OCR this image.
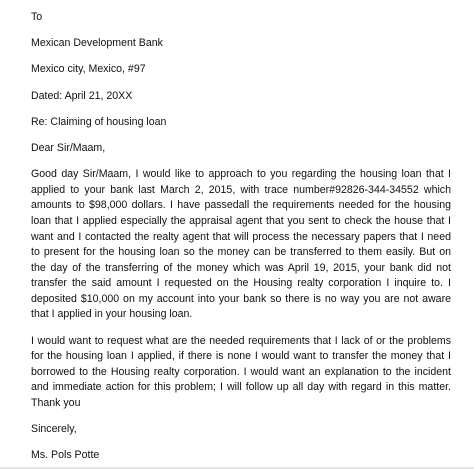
To

Mexican Development Bank

Mexico city, Mexico, #97

Dated: April 21, 20XX

Re: Claiming of housing loan

Dear Sir/Maam,

Good day Sir/Maam, I would like to approach to you regarding the housing loan that I applied to your bank last March 2, 2015, with trace number#92826-344-34552 which amounts to $98,000 dollars. I have passedall the requirements needed for the housing loan that I applied especially the appraisal agent that you sent to check the house that I want and I contacted the realty agent that will process the necessary papers that I need to present for the housing loan so the money can be transferred to them easily. But on the day of the transferring of the money which was April 19, 2015, your bank did not transfer the said amount I requested on the Housing realty corporation I inquire to. I deposited $10,000 on my account into your bank so there is no way you are not aware that I applied in your housing loan.

I would want to request what are the needed requirements that I lack of or the problems for the housing loan I applied, if there is none I would want to transfer the money that I borrowed to the Housing realty corporation. I would want an explanation to the incident and immediate action for this problem; I will follow up all day with regard in this matter. Thank you

Sincerely,

Ms. Pols Potte
